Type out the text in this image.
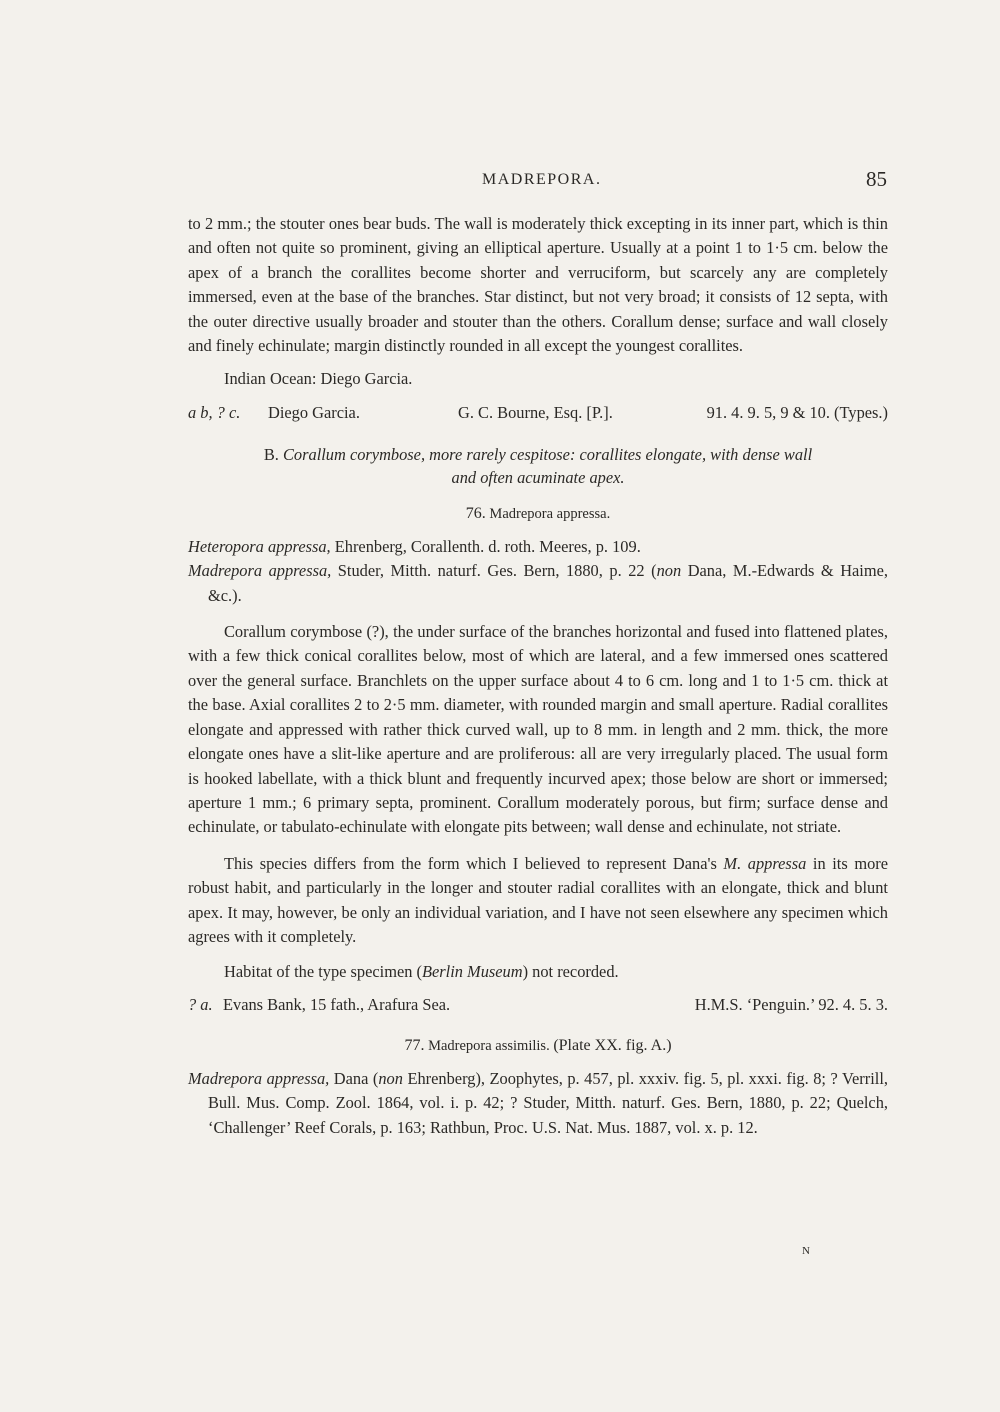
MADREPORA.	85

to 2 mm.; the stouter ones bear buds. The wall is moderately thick excepting in its inner part, which is thin and often not quite so prominent, giving an elliptical aperture. Usually at a point 1 to 1·5 cm. below the apex of a branch the corallites become shorter and verruciform, but scarcely any are completely immersed, even at the base of the branches. Star distinct, but not very broad; it consists of 12 septa, with the outer directive usually broader and stouter than the others. Corallum dense; surface and wall closely and finely echinulate; margin distinctly rounded in all except the youngest corallites.

Indian Ocean: Diego Garcia.

a b, ? c.	Diego Garcia.	G. C. Bourne, Esq. [P.].	91. 4. 9. 5, 9 & 10. (Types.)
B. Corallum corymbose, more rarely cespitose: corallites elongate, with dense wall
and often acuminate apex.
76. Madrepora appressa.

Heteropora appressa, Ehrenberg, Corallenth. d. roth. Meeres, p. 109.

Madrepora appressa, Studer, Mitth. naturf. Ges. Bern, 1880, p. 22 (non Dana, M.-Edwards & Haime, &c.).

Corallum corymbose (?), the under surface of the branches horizontal and fused into flattened plates, with a few thick conical corallites below, most of which are lateral, and a few immersed ones scattered over the general surface. Branchlets on the upper surface about 4 to 6 cm. long and 1 to 1·5 cm. thick at the base. Axial corallites 2 to 2·5 mm. diameter, with rounded margin and small aperture. Radial corallites elongate and appressed with rather thick curved wall, up to 8 mm. in length and 2 mm. thick, the more elongate ones have a slit-like aperture and are proliferous: all are very irregularly placed. The usual form is hooked labellate, with a thick blunt and frequently incurved apex; those below are short or immersed; aperture 1 mm.; 6 primary septa, prominent. Corallum moderately porous, but firm; surface dense and echinulate, or tabulato-echinulate with elongate pits between; wall dense and echinulate, not striate.

This species differs from the form which I believed to represent Dana's M. appressa in its more robust habit, and particularly in the longer and stouter radial corallites with an elongate, thick and blunt apex. It may, however, be only an individual variation, and I have not seen elsewhere any specimen which agrees with it completely.

Habitat of the type specimen (Berlin Museum) not recorded.

? a. Evans Bank, 15 fath., Arafura Sea.	H.M.S. ‘Penguin.’ 92. 4. 5. 3.
77. Madrepora assimilis. (Plate XX. fig. A.)

Madrepora appressa, Dana (non Ehrenberg), Zoophytes, p. 457, pl. xxxiv. fig. 5, pl. xxxi. fig. 8; ? Verrill, Bull. Mus. Comp. Zool. 1864, vol. i. p. 42; ? Studer, Mitth. naturf. Ges. Bern, 1880, p. 22; Quelch, ‘Challenger’ Reef Corals, p. 163; Rathbun, Proc. U.S. Nat. Mus. 1887, vol. x. p. 12.

N
